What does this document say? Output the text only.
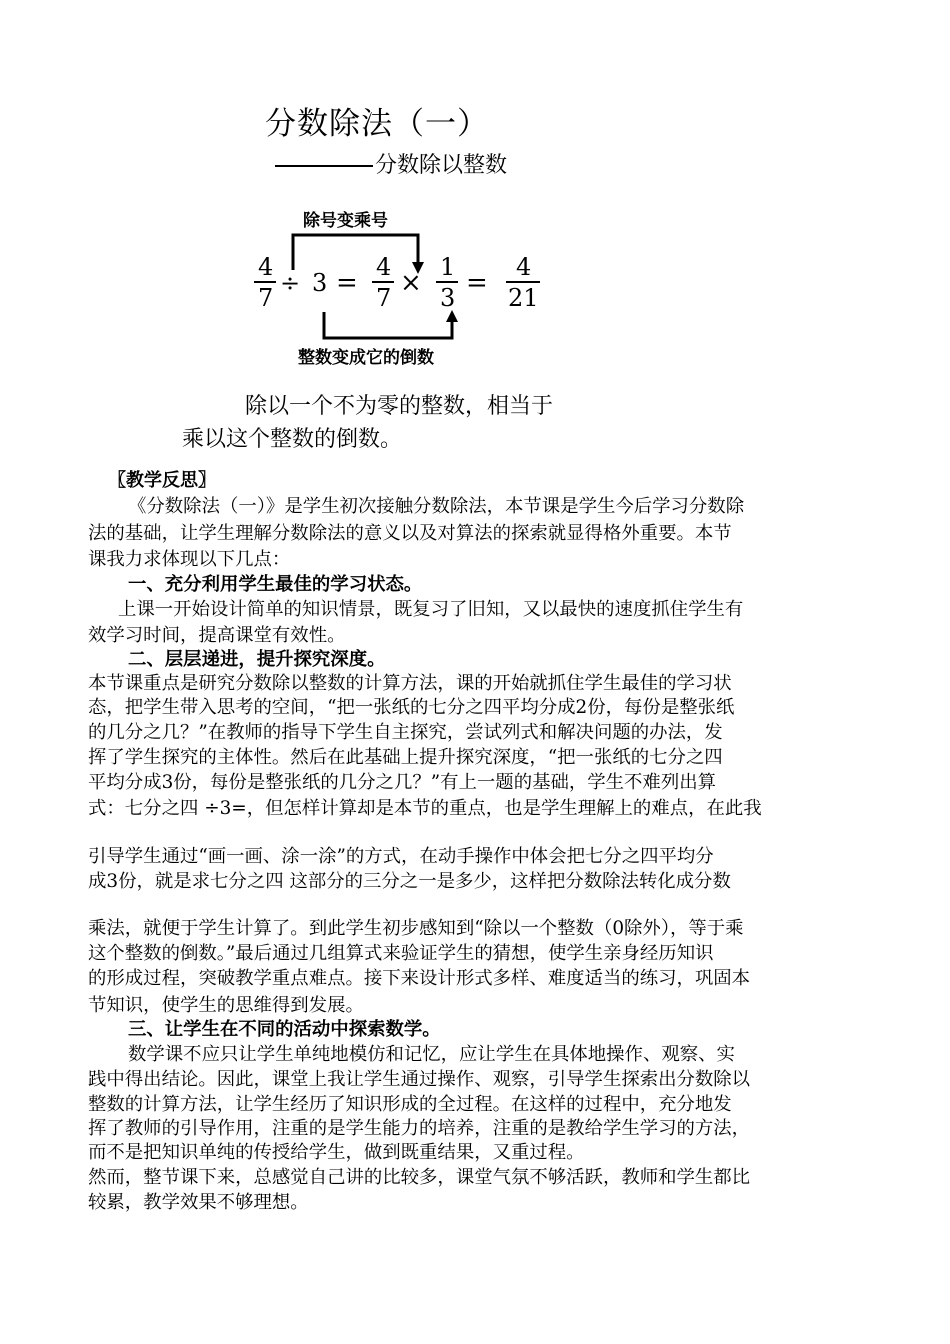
分数除法（一）
分数除以整数
除号变乘号
4
7
÷ 3 =
4
7 ×
1
3 =
4
21
整数变成它的倒数
除以一个不为零的整数，相当于
乘以这个整数的倒数。
〖教学反思〗
《分数除法（一）》是学生初次接触分数除法，本节课是学生今后学习分数除
法的基础，让学生理解分数除法的意义以及对算法的探索就显得格外重要。本节
课我力求体现以下几点：
一、充分利用学生最佳的学习状态。
上课一开始设计简单的知识情景，既复习了旧知，又以最快的速度抓住学生有
效学习时间，提高课堂有效性。
二、层层递进，提升探究深度。
本节课重点是研究分数除以整数的计算方法，课的开始就抓住学生最佳的学习状
态，把学生带入思考的空间，“把一张纸的七分之四平均分成2份，每份是整张纸
的几分之几？”在教师的指导下学生自主探究，尝试列式和解决问题的办法，发
挥了学生探究的主体性。然后在此基础上提升探究深度，“把一张纸的七分之四
平均分成3份，每份是整张纸的几分之几？”有上一题的基础，学生不难列出算
式：七分之四 ÷3=，但怎样计算却是本节的重点，也是学生理解上的难点，在此我
引导学生通过“画一画、涂一涂”的方式，在动手操作中体会把七分之四平均分
成3份，就是求七分之四 这部分的三分之一是多少，这样把分数除法转化成分数
乘法，就便于学生计算了。到此学生初步感知到“除以一个整数（0除外），等于乘
这个整数的倒数。”最后通过几组算式来验证学生的猜想，使学生亲身经历知识
的形成过程，突破教学重点难点。接下来设计形式多样、难度适当的练习，巩固本
节知识，使学生的思维得到发展。
三、让学生在不同的活动中探索数学。
数学课不应只让学生单纯地模仿和记忆，应让学生在具体地操作、观察、实
践中得出结论。因此，课堂上我让学生通过操作、观察，引导学生探索出分数除以
整数的计算方法，让学生经历了知识形成的全过程。在这样的过程中，充分地发
挥了教师的引导作用，注重的是学生能力的培养，注重的是教给学生学习的方法，
而不是把知识单纯的传授给学生，做到既重结果，又重过程。
然而，整节课下来，总感觉自己讲的比较多，课堂气氛不够活跃，教师和学生都比
较累，教学效果不够理想。
